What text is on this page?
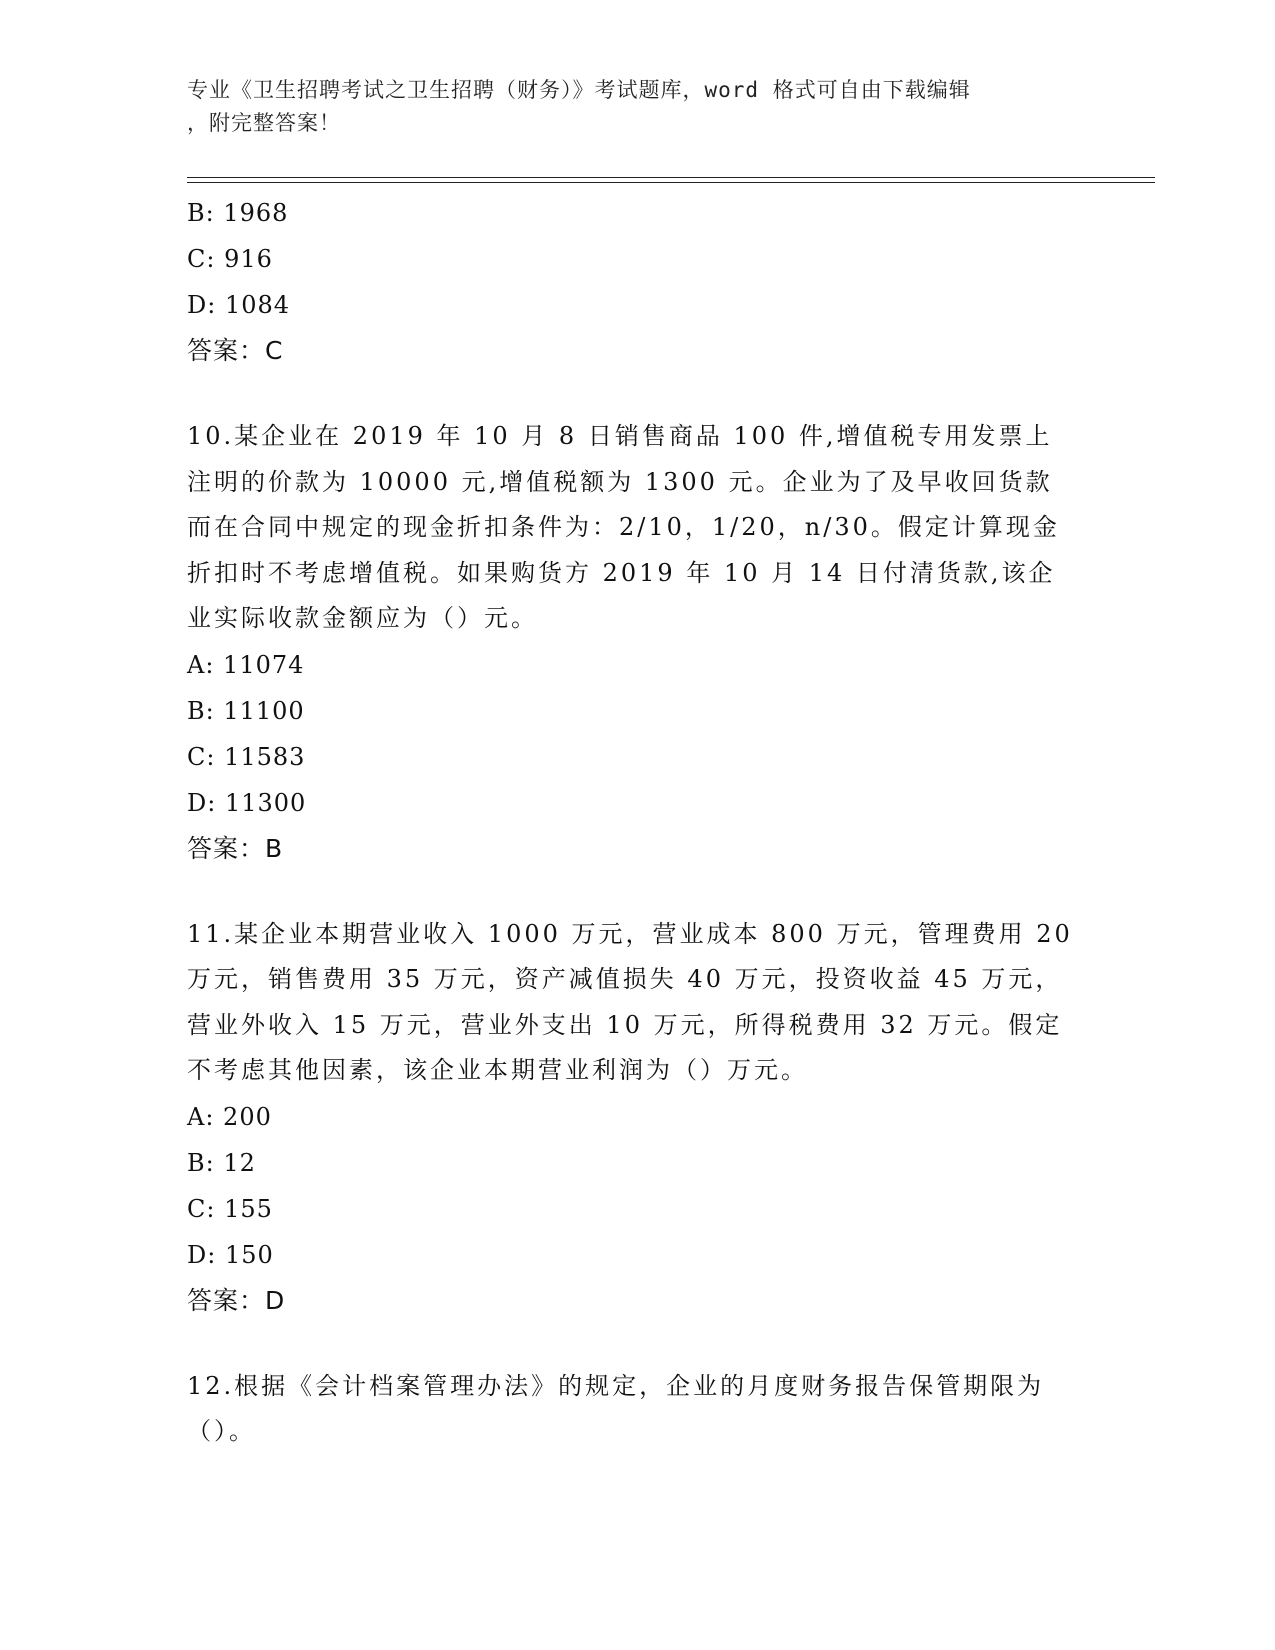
专业《卫生招聘考试之卫生招聘（财务）》考试题库，word 格式可自由下载编辑
，附完整答案！
B: 1968
C: 916
D: 1084
答案：C
10.某企业在 2019 年 10 月 8 日销售商品 100 件,增值税专用发票上注明的价款为 10000 元,增值税额为 1300 元。企业为了及早收回货款而在合同中规定的现金折扣条件为：2/10，1/20，n/30。假定计算现金折扣时不考虑增值税。如果购货方 2019 年 10 月 14 日付清货款,该企业实际收款金额应为（）元。
A: 11074
B: 11100
C: 11583
D: 11300
答案：B
11.某企业本期营业收入 1000 万元，营业成本 800 万元，管理费用 20 万元，销售费用 35 万元，资产减值损失 40 万元，投资收益 45 万元，营业外收入 15 万元，营业外支出 10 万元，所得税费用 32 万元。假定不考虑其他因素，该企业本期营业利润为（）万元。
A: 200
B: 12
C: 155
D: 150
答案：D
12.根据《会计档案管理办法》的规定，企业的月度财务报告保管期限为（）。
